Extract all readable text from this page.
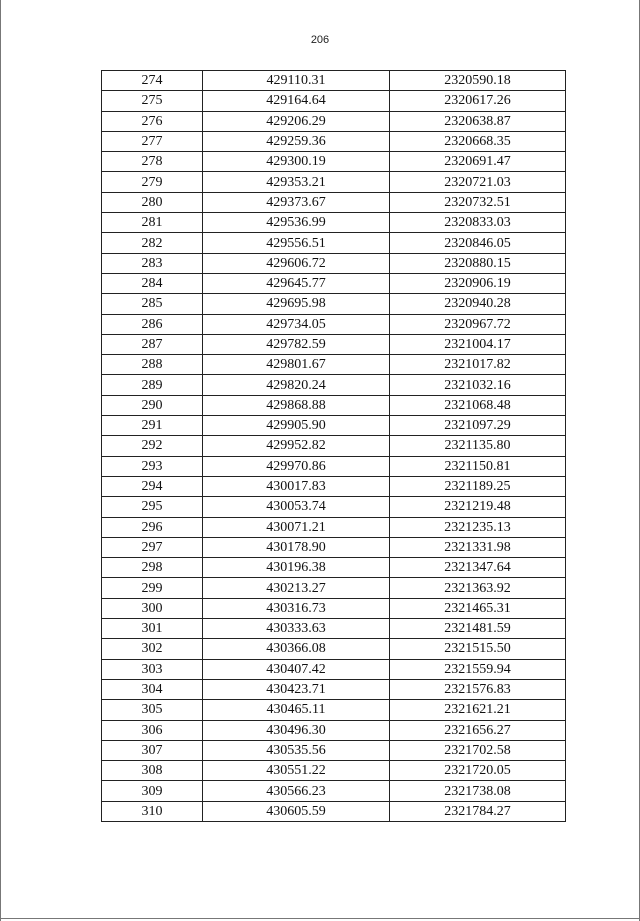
206
274	429110.31	2320590.18
275	429164.64	2320617.26
276	429206.29	2320638.87
277	429259.36	2320668.35
278	429300.19	2320691.47
279	429353.21	2320721.03
280	429373.67	2320732.51
281	429536.99	2320833.03
282	429556.51	2320846.05
283	429606.72	2320880.15
284	429645.77	2320906.19
285	429695.98	2320940.28
286	429734.05	2320967.72
287	429782.59	2321004.17
288	429801.67	2321017.82
289	429820.24	2321032.16
290	429868.88	2321068.48
291	429905.90	2321097.29
292	429952.82	2321135.80
293	429970.86	2321150.81
294	430017.83	2321189.25
295	430053.74	2321219.48
296	430071.21	2321235.13
297	430178.90	2321331.98
298	430196.38	2321347.64
299	430213.27	2321363.92
300	430316.73	2321465.31
301	430333.63	2321481.59
302	430366.08	2321515.50
303	430407.42	2321559.94
304	430423.71	2321576.83
305	430465.11	2321621.21
306	430496.30	2321656.27
307	430535.56	2321702.58
308	430551.22	2321720.05
309	430566.23	2321738.08
310	430605.59	2321784.27
